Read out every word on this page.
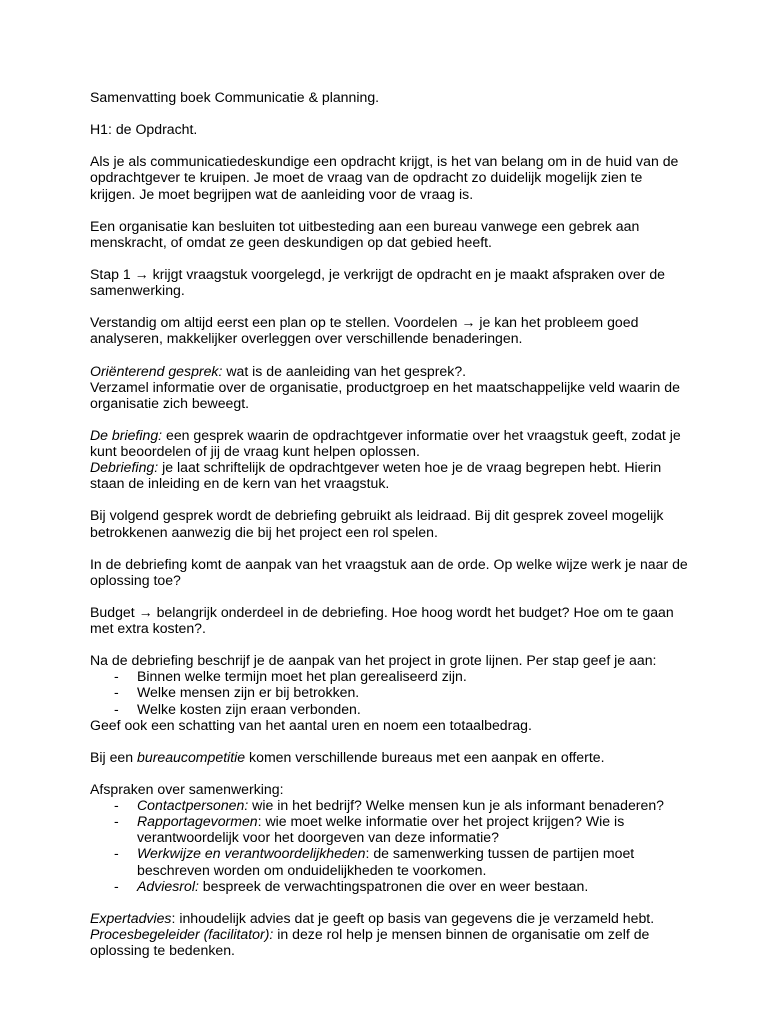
Samenvatting boek Communicatie & planning.

H1: de Opdracht.

Als je als communicatiedeskundige een opdracht krijgt, is het van belang om in de huid van de opdrachtgever te kruipen. Je moet de vraag van de opdracht zo duidelijk mogelijk zien te krijgen. Je moet begrijpen wat de aanleiding voor de vraag is.

Een organisatie kan besluiten tot uitbesteding aan een bureau vanwege een gebrek aan menskracht, of omdat ze geen deskundigen op dat gebied heeft.

Stap 1 → krijgt vraagstuk voorgelegd, je verkrijgt de opdracht en je maakt afspraken over de samenwerking.

Verstandig om altijd eerst een plan op te stellen. Voordelen → je kan het probleem goed analyseren, makkelijker overleggen over verschillende benaderingen.

Oriënterend gesprek: wat is de aanleiding van het gesprek?.

Verzamel informatie over de organisatie, productgroep en het maatschappelijke veld waarin de organisatie zich beweegt.

De briefing: een gesprek waarin de opdrachtgever informatie over het vraagstuk geeft, zodat je kunt beoordelen of jij de vraag kunt helpen oplossen.

Debriefing: je laat schriftelijk de opdrachtgever weten hoe je de vraag begrepen hebt. Hierin staan de inleiding en de kern van het vraagstuk.

Bij volgend gesprek wordt de debriefing gebruikt als leidraad. Bij dit gesprek zoveel mogelijk betrokkenen aanwezig die bij het project een rol spelen.

In de debriefing komt de aanpak van het vraagstuk aan de orde. Op welke wijze werk je naar de oplossing toe?

Budget → belangrijk onderdeel in de debriefing. Hoe hoog wordt het budget? Hoe om te gaan met extra kosten?.

Na de debriefing beschrijf je de aanpak van het project in grote lijnen. Per stap geef je aan:

- Binnen welke termijn moet het plan gerealiseerd zijn.
- Welke mensen zijn er bij betrokken.
- Welke kosten zijn eraan verbonden.

Geef ook een schatting van het aantal uren en noem een totaalbedrag.

Bij een bureaucompetitie komen verschillende bureaus met een aanpak en offerte.

Afspraken over samenwerking:

- Contactpersonen: wie in het bedrijf? Welke mensen kun je als informant benaderen?
- Rapportagevormen: wie moet welke informatie over het project krijgen? Wie is verantwoordelijk voor het doorgeven van deze informatie?
- Werkwijze en verantwoordelijkheden: de samenwerking tussen de partijen moet beschreven worden om onduidelijkheden te voorkomen.
- Adviesrol: bespreek de verwachtingspatronen die over en weer bestaan.

Expertadvies: inhoudelijk advies dat je geeft op basis van gegevens die je verzameld hebt.

Procesbegeleider (facilitator): in deze rol help je mensen binnen de organisatie om zelf de oplossing te bedenken.
